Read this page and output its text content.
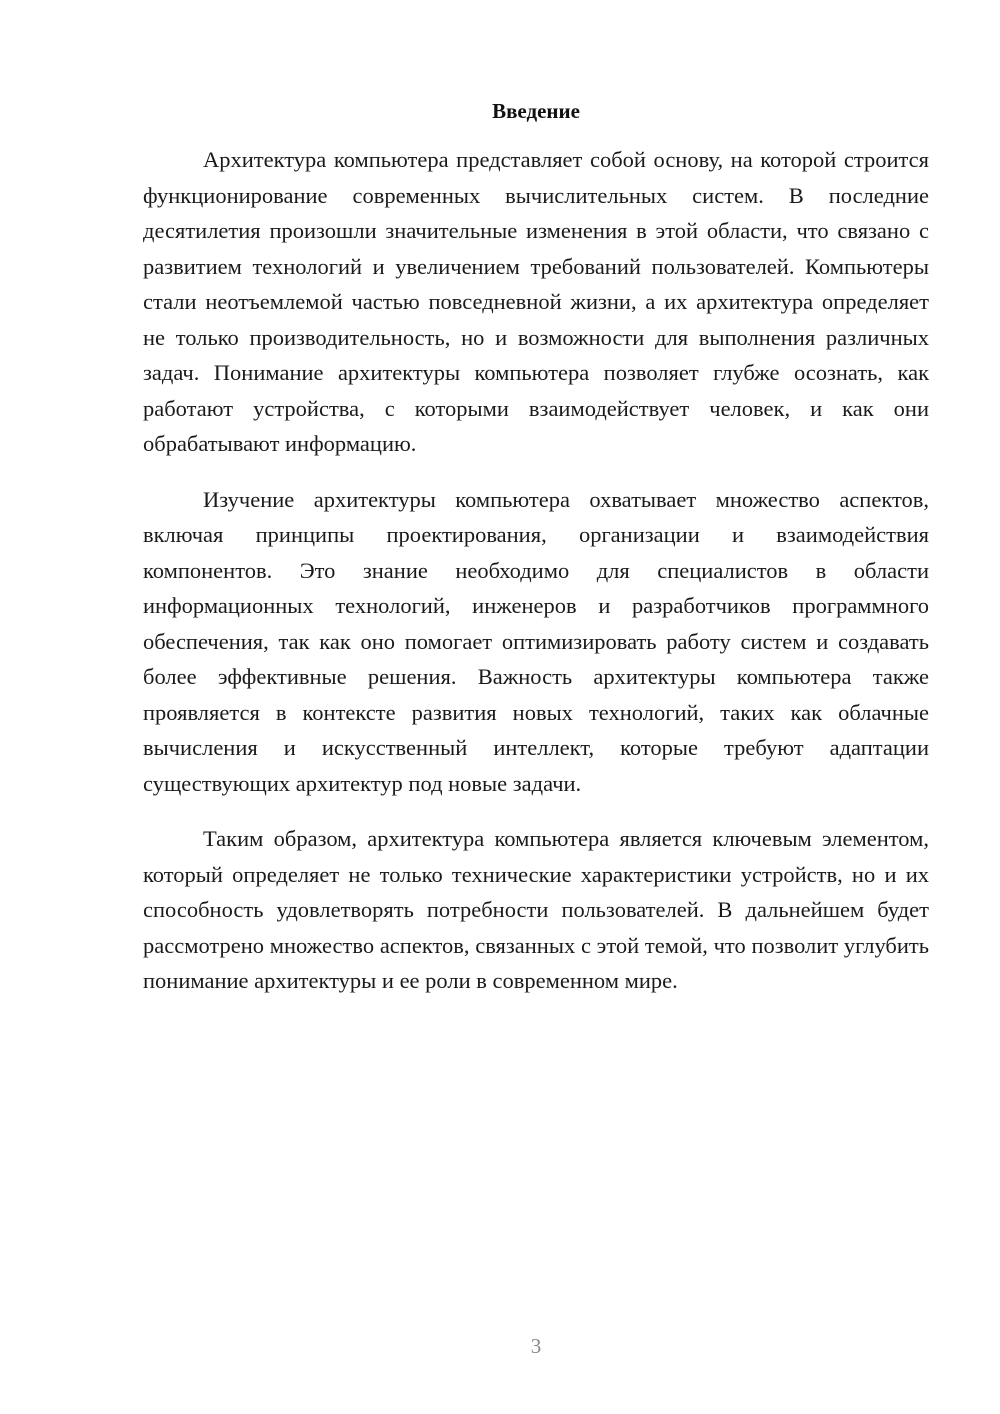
Введение

Архитектура компьютера представляет собой основу, на которой строится функционирование современных вычислительных систем. В последние десятилетия произошли значительные изменения в этой области, что связано с развитием технологий и увеличением требований пользователей. Компьютеры стали неотъемлемой частью повседневной жизни, а их архитектура определяет не только производительность, но и возможности для выполнения различных задач. Понимание архитектуры компьютера позволяет глубже осознать, как работают устройства, с которыми взаимодействует человек, и как они обрабатывают информацию.

Изучение архитектуры компьютера охватывает множество аспектов, включая принципы проектирования, организации и взаимодействия компонентов. Это знание необходимо для специалистов в области информационных технологий, инженеров и разработчиков программного обеспечения, так как оно помогает оптимизировать работу систем и создавать более эффективные решения. Важность архитектуры компьютера также проявляется в контексте развития новых технологий, таких как облачные вычисления и искусственный интеллект, которые требуют адаптации существующих архитектур под новые задачи.

Таким образом, архитектура компьютера является ключевым элементом, который определяет не только технические характеристики устройств, но и их способность удовлетворять потребности пользователей. В дальнейшем будет рассмотрено множество аспектов, связанных с этой темой, что позволит углубить понимание архитектуры и ее роли в современном мире.

3
